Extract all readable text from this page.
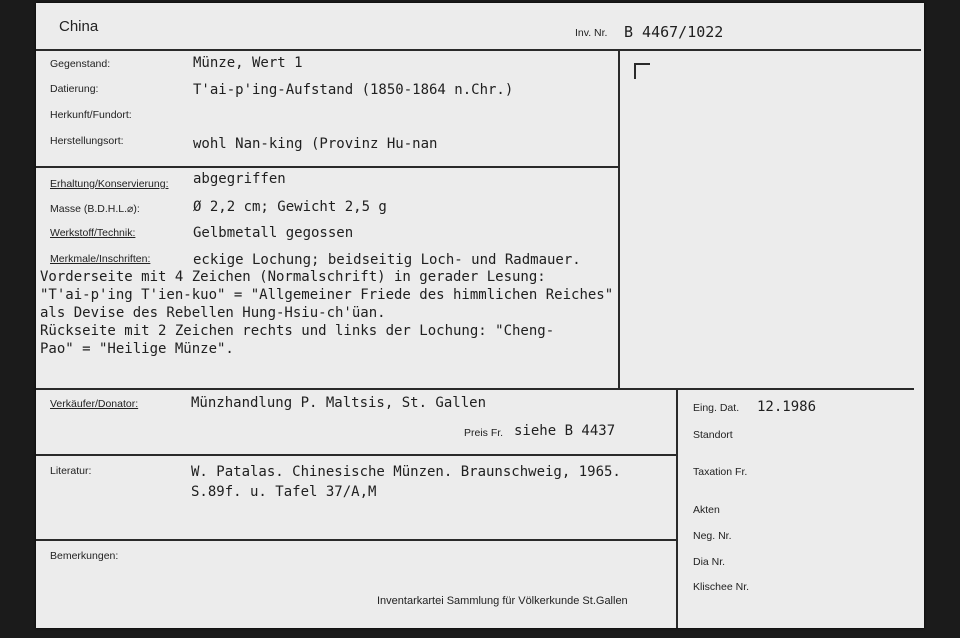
China	Inv. Nr. B 4467/1022
Gegenstand:	Münze, Wert 1
Datierung:	T'ai-p'ing-Aufstand (1850-1864 n.Chr.)
Herkunft/Fundort:
Herstellungsort:	wohl Nan-king (Provinz Hu-nan
Erhaltung/Konservierung: abgegriffen
Masse (B.D.H.L.⌀):	Ø 2,2 cm; Gewicht 2,5 g
Werkstoff/Technik:	Gelbmetall gegossen
Merkmale/Inschriften:	eckige Lochung; beidseitig Loch- und Radmauer.
Vorderseite mit 4 Zeichen (Normalschrift) in gerader Lesung:
"T'ai-p'ing T'ien-kuo" = "Allgemeiner Friede des himmlichen Reiches"
als Devise des Rebellen Hung-Hsiu-ch'üan.
Rückseite mit 2 Zeichen rechts und links der Lochung: "Cheng-
Pao" = "Heilige Münze".
Verkäufer/Donator:	Münzhandlung P. Maltsis, St. Gallen
Preis Fr. siehe B 4437
Literatur:	W. Patalas. Chinesische Münzen. Braunschweig, 1965.
S.89f. u. Tafel 37/A,M
Bemerkungen:
Inventarkartei Sammlung für Völkerkunde St.Gallen
Eing. Dat. 12.1986
Standort
Taxation Fr.
Akten
Neg. Nr.
Dia Nr.
Klischee Nr.
